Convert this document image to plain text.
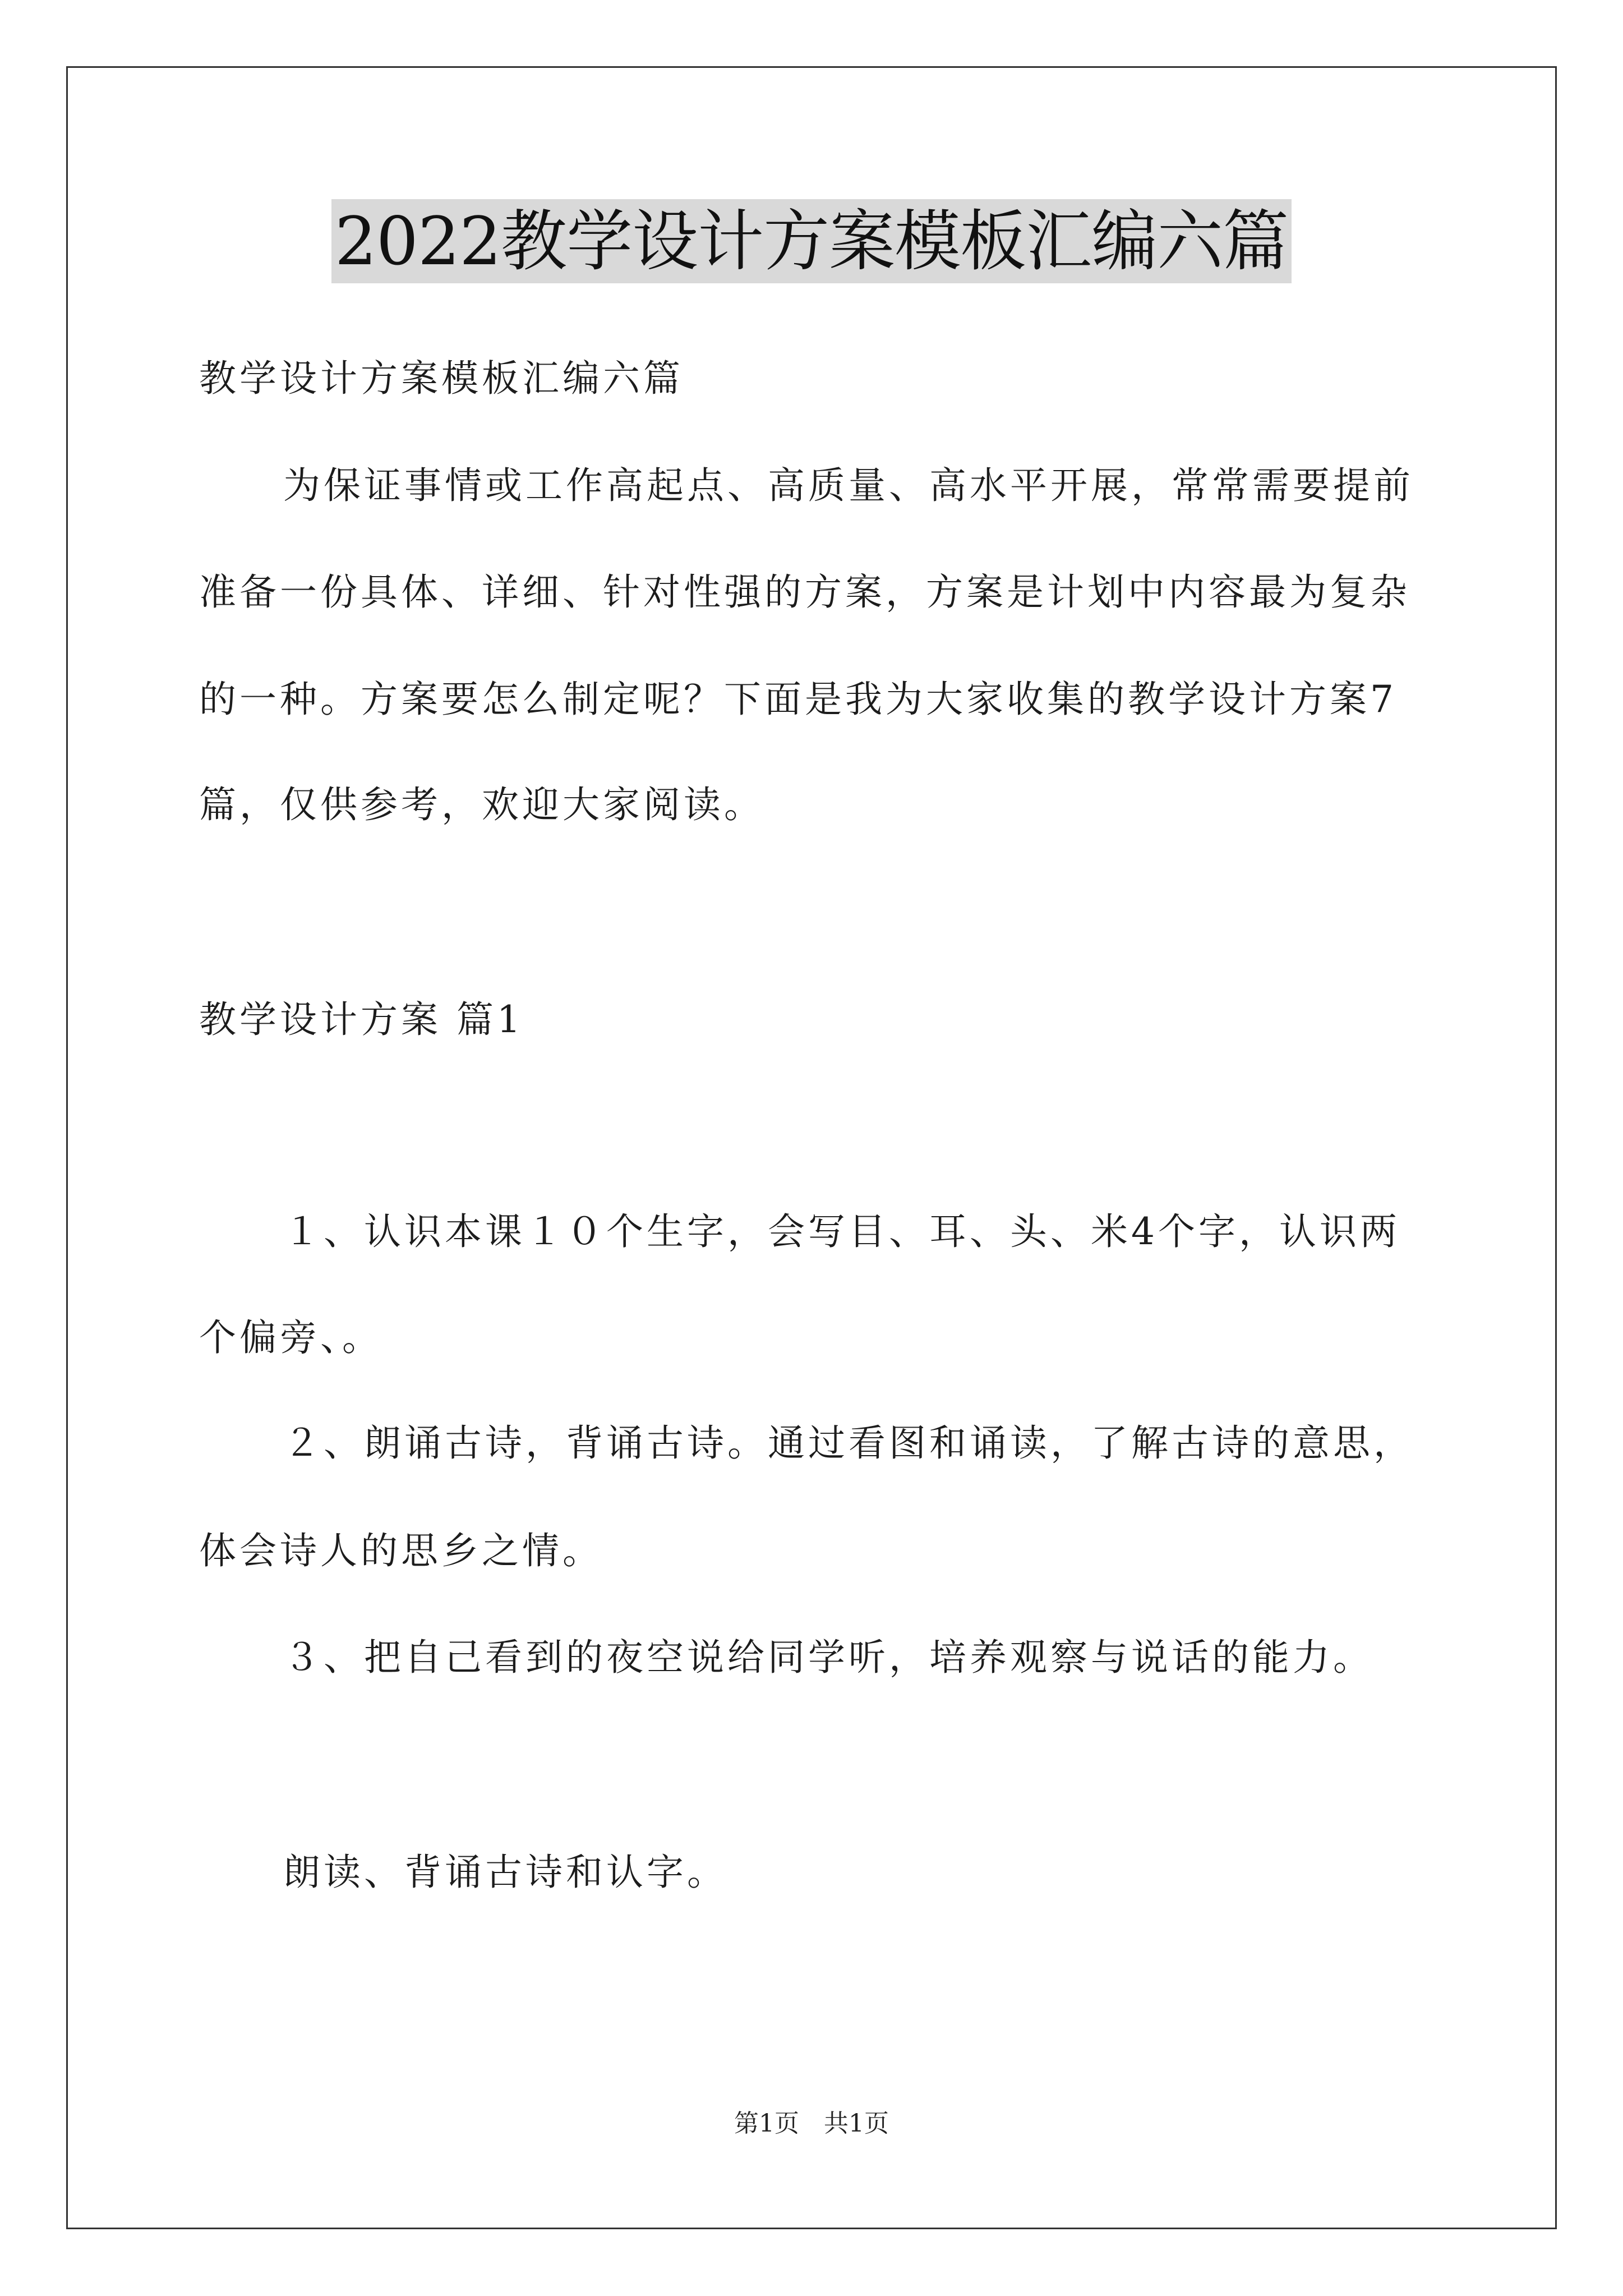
2022教学设计方案模板汇编六篇
教学设计方案模板汇编六篇
为保证事情或工作高起点、高质量、高水平开展，常常需要提前
准备一份具体、详细、针对性强的方案，方案是计划中内容最为复杂
的一种。方案要怎么制定呢？下面是我为大家收集的教学设计方案7
篇，仅供参考，欢迎大家阅读。
教学设计方案 篇1
１、认识本课１０个生字，会写目、耳、头、米4个字，认识两
个偏旁、。
２、朗诵古诗，背诵古诗。通过看图和诵读，了解古诗的意思，
体会诗人的思乡之情。
３、把自己看到的夜空说给同学听，培养观察与说话的能力。
朗读、背诵古诗和认字。
第1页　共1页
